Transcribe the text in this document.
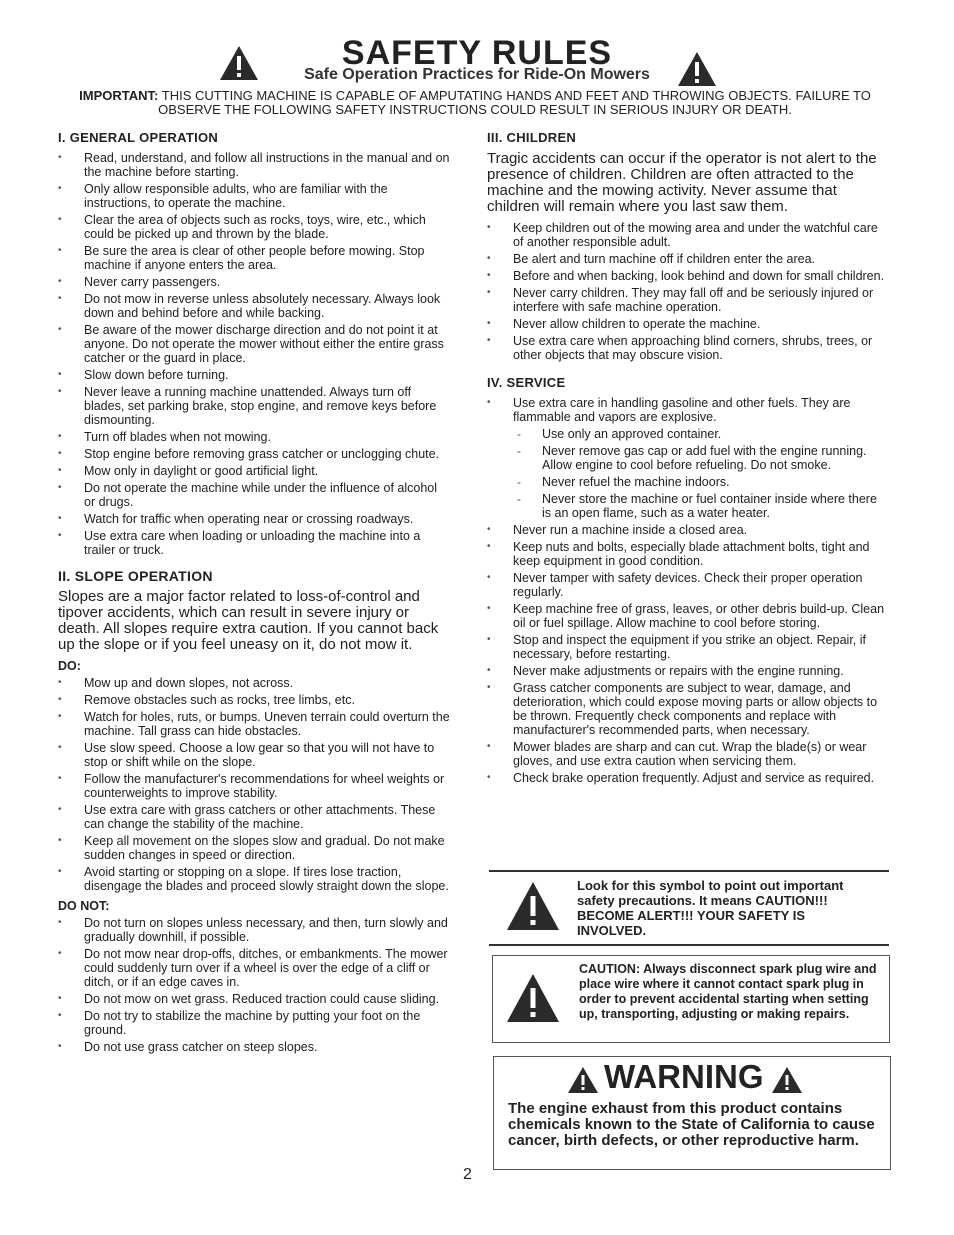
SAFETY RULES
Safe Operation Practices for Ride-On Mowers
IMPORTANT: THIS CUTTING MACHINE IS CAPABLE OF AMPUTATING HANDS AND FEET AND THROWING OBJECTS. FAILURE TO OBSERVE THE FOLLOWING SAFETY INSTRUCTIONS COULD RESULT IN SERIOUS INJURY OR DEATH.
I. GENERAL OPERATION
• Read, understand, and follow all instructions in the manual and on the machine before starting.
• Only allow responsible adults, who are familiar with the instructions, to operate the machine.
• Clear the area of objects such as rocks, toys, wire, etc., which could be picked up and thrown by the blade.
• Be sure the area is clear of other people before mowing. Stop machine if anyone enters the area.
• Never carry passengers.
• Do not mow in reverse unless absolutely necessary. Always look down and behind before and while backing.
• Be aware of the mower discharge direction and do not point it at anyone. Do not operate the mower without either the entire grass catcher or the guard in place.
• Slow down before turning.
• Never leave a running machine unattended. Always turn off blades, set parking brake, stop engine, and remove keys before dismounting.
• Turn off blades when not mowing.
• Stop engine before removing grass catcher or unclogging chute.
• Mow only in daylight or good artificial light.
• Do not operate the machine while under the influence of alcohol or drugs.
• Watch for traffic when operating near or crossing roadways.
• Use extra care when loading or unloading the machine into a trailer or truck.
II. SLOPE OPERATION
Slopes are a major factor related to loss-of-control and tipover accidents, which can result in severe injury or death. All slopes require extra caution. If you cannot back up the slope or if you feel uneasy on it, do not mow it.
DO:
• Mow up and down slopes, not across.
• Remove obstacles such as rocks, tree limbs, etc.
• Watch for holes, ruts, or bumps. Uneven terrain could overturn the machine. Tall grass can hide obstacles.
• Use slow speed. Choose a low gear so that you will not have to stop or shift while on the slope.
• Follow the manufacturer's recommendations for wheel weights or counterweights to improve stability.
• Use extra care with grass catchers or other attachments. These can change the stability of the machine.
• Keep all movement on the slopes slow and gradual. Do not make sudden changes in speed or direction.
• Avoid starting or stopping on a slope. If tires lose traction, disengage the blades and proceed slowly straight down the slope.
DO NOT:
• Do not turn on slopes unless necessary, and then, turn slowly and gradually downhill, if possible.
• Do not mow near drop-offs, ditches, or embankments. The mower could suddenly turn over if a wheel is over the edge of a cliff or ditch, or if an edge caves in.
• Do not mow on wet grass. Reduced traction could cause sliding.
• Do not try to stabilize the machine by putting your foot on the ground.
• Do not use grass catcher on steep slopes.
III. CHILDREN
Tragic accidents can occur if the operator is not alert to the presence of children. Children are often attracted to the machine and the mowing activity. Never assume that children will remain where you last saw them.
• Keep children out of the mowing area and under the watchful care of another responsible adult.
• Be alert and turn machine off if children enter the area.
• Before and when backing, look behind and down for small children.
• Never carry children. They may fall off and be seriously injured or interfere with safe machine operation.
• Never allow children to operate the machine.
• Use extra care when approaching blind corners, shrubs, trees, or other objects that may obscure vision.
IV. SERVICE
• Use extra care in handling gasoline and other fuels. They are flammable and vapors are explosive.
- Use only an approved container.
- Never remove gas cap or add fuel with the engine running. Allow engine to cool before refueling. Do not smoke.
- Never refuel the machine indoors.
- Never store the machine or fuel container inside where there is an open flame, such as a water heater.
• Never run a machine inside a closed area.
• Keep nuts and bolts, especially blade attachment bolts, tight and keep equipment in good condition.
• Never tamper with safety devices. Check their proper operation regularly.
• Keep machine free of grass, leaves, or other debris build-up. Clean oil or fuel spillage. Allow machine to cool before storing.
• Stop and inspect the equipment if you strike an object. Repair, if necessary, before restarting.
• Never make adjustments or repairs with the engine running.
• Grass catcher components are subject to wear, damage, and deterioration, which could expose moving parts or allow objects to be thrown. Frequently check components and replace with manufacturer's recommended parts, when necessary.
• Mower blades are sharp and can cut. Wrap the blade(s) or wear gloves, and use extra caution when servicing them.
• Check brake operation frequently. Adjust and service as required.
Look for this symbol to point out important safety precautions. It means CAUTION!!! BECOME ALERT!!! YOUR SAFETY IS INVOLVED.
CAUTION: Always disconnect spark plug wire and place wire where it cannot contact spark plug in order to prevent accidental starting when setting up, transporting, adjusting or making repairs.
WARNING
The engine exhaust from this product contains chemicals known to the State of California to cause cancer, birth defects, or other reproductive harm.
2
